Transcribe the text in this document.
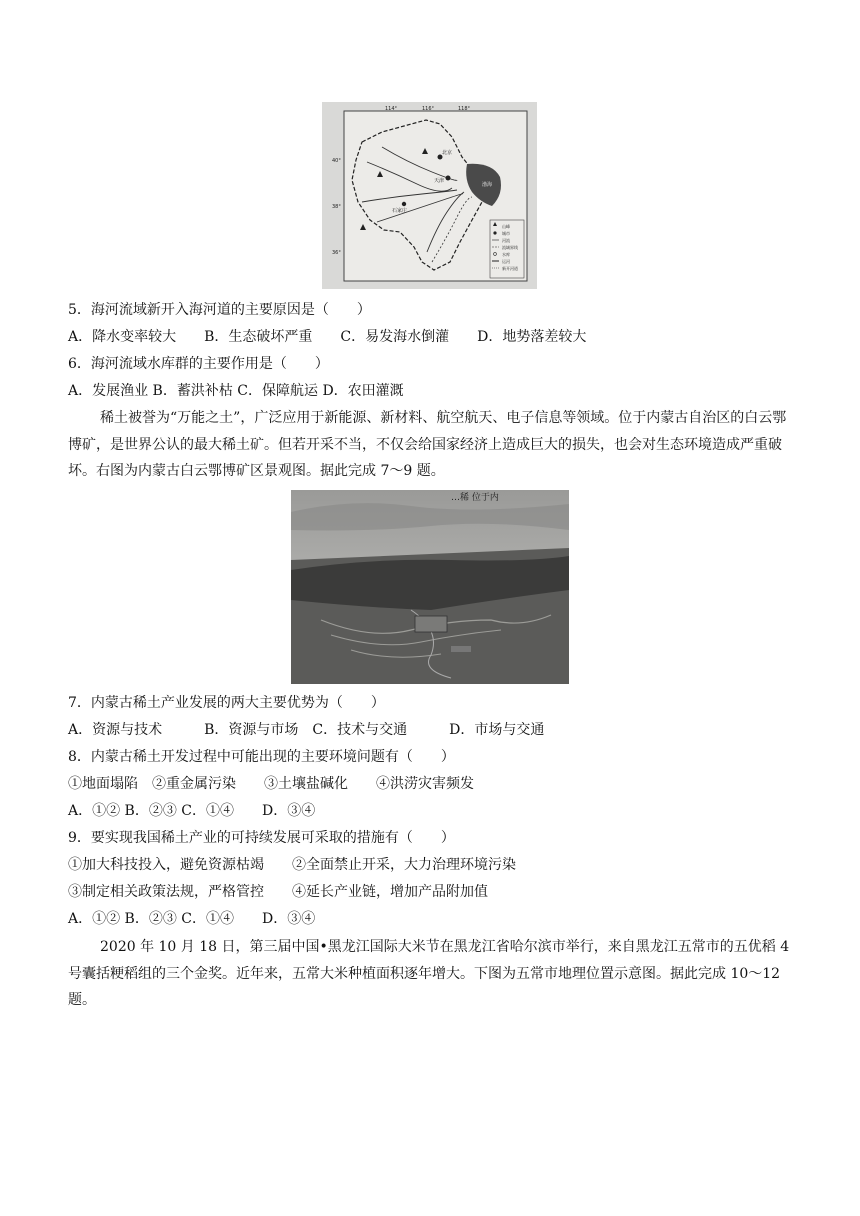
渤海
北京
天津
石家庄
114°	116°	118°
40°
38°
36°
山峰
城市
河流
流域界线
水库
运河
新开河道
5．海河流域新开入海河道的主要原因是（　　）
A．降水变率较大　　B．生态破坏严重　　C．易发海水倒灌　　D．地势落差较大
6．海河流域水库群的主要作用是（　　）
A．发展渔业 B．蓄洪补枯 C．保障航运 D．农田灌溉
稀土被誉为“万能之土”，广泛应用于新能源、新材料、航空航天、电子信息等领域。位于内蒙古自治区的白云鄂博矿，是世界公认的最大稀土矿。但若开采不当，不仅会给国家经济上造成巨大的损失，也会对生态环境造成严重破坏。右图为内蒙古白云鄂博矿区景观图。据此完成 7～9 题。
…稀 位于内
7．内蒙古稀土产业发展的两大主要优势为（　　）
A．资源与技术　　　B．资源与市场　C．技术与交通　　　D．市场与交通
8．内蒙古稀土开发过程中可能出现的主要环境问题有（　　）
①地面塌陷　②重金属污染　　③土壤盐碱化　　④洪涝灾害频发
A．①② B．②③ C．①④　　D．③④
9．要实现我国稀土产业的可持续发展可采取的措施有（　　）
①加大科技投入，避免资源枯竭　　②全面禁止开采，大力治理环境污染
③制定相关政策法规，严格管控　　④延长产业链，增加产品附加值
A．①② B．②③ C．①④　　D．③④
2020 年 10 月 18 日，第三届中国•黑龙江国际大米节在黑龙江省哈尔滨市举行，来自黑龙江五常市的五优稻 4 号囊括粳稻组的三个金奖。近年来，五常大米种植面积逐年增大。下图为五常市地理位置示意图。据此完成 10～12 题。
